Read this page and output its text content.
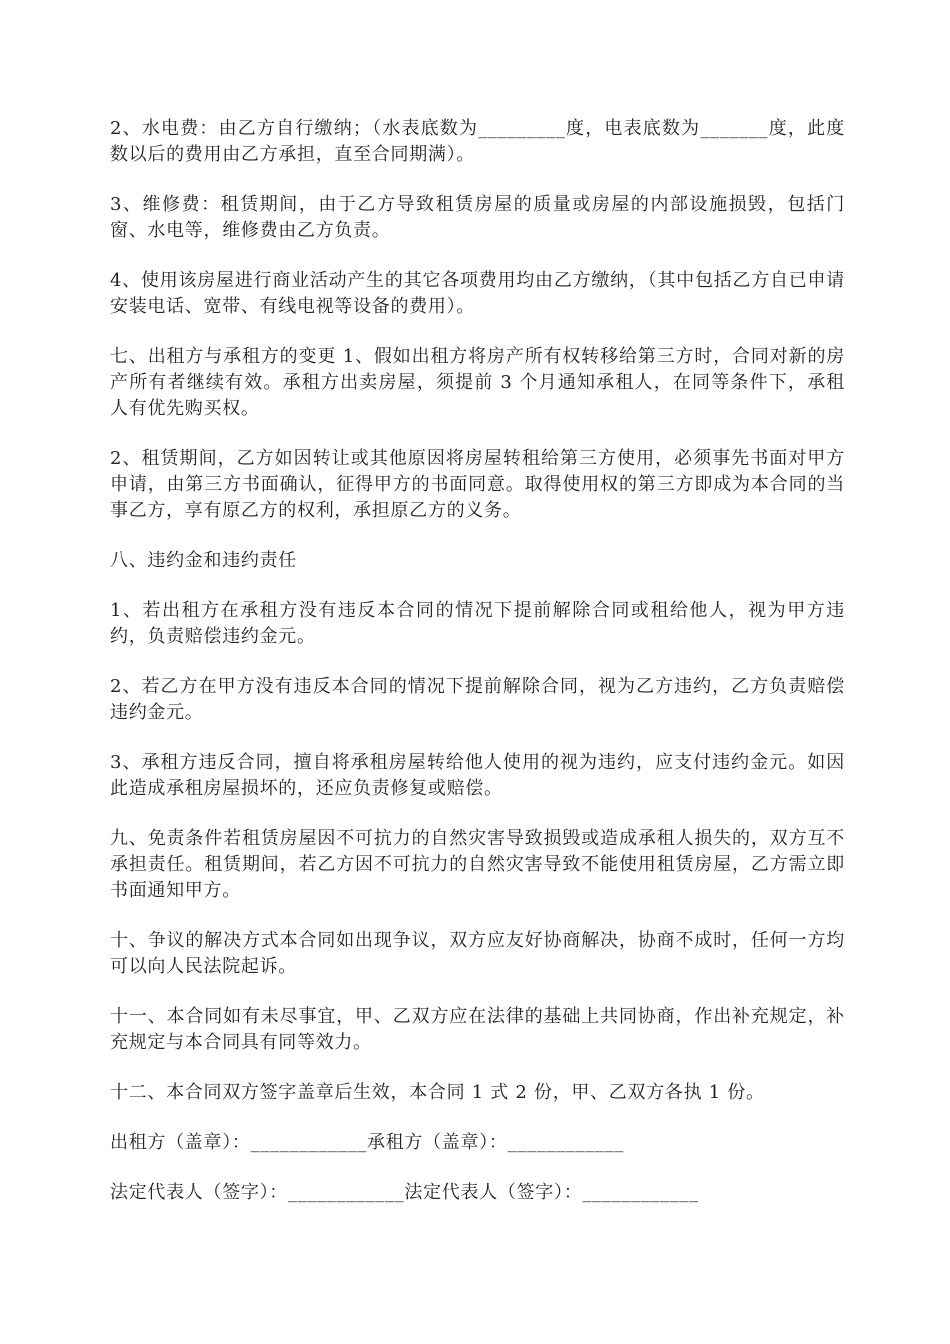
2、水电费：由乙方自行缴纳；（水表底数为_________度，电表底数为_______度，此度数以后的费用由乙方承担，直至合同期满）。

3、维修费：租赁期间，由于乙方导致租赁房屋的质量或房屋的内部设施损毁，包括门窗、水电等，维修费由乙方负责。

4、使用该房屋进行商业活动产生的其它各项费用均由乙方缴纳，（其中包括乙方自已申请安装电话、宽带、有线电视等设备的费用）。

七、出租方与承租方的变更 1、假如出租方将房产所有权转移给第三方时，合同对新的房产所有者继续有效。承租方出卖房屋，须提前 3 个月通知承租人，在同等条件下，承租人有优先购买权。

2、租赁期间，乙方如因转让或其他原因将房屋转租给第三方使用，必须事先书面对甲方申请，由第三方书面确认，征得甲方的书面同意。取得使用权的第三方即成为本合同的当事乙方，享有原乙方的权利，承担原乙方的义务。

八、违约金和违约责任

1、若出租方在承租方没有违反本合同的情况下提前解除合同或租给他人，视为甲方违约，负责赔偿违约金元。

2、若乙方在甲方没有违反本合同的情况下提前解除合同，视为乙方违约，乙方负责赔偿违约金元。

3、承租方违反合同，擅自将承租房屋转给他人使用的视为违约，应支付违约金元。如因此造成承租房屋损坏的，还应负责修复或赔偿。

九、免责条件若租赁房屋因不可抗力的自然灾害导致损毁或造成承租人损失的，双方互不承担责任。租赁期间，若乙方因不可抗力的自然灾害导致不能使用租赁房屋，乙方需立即书面通知甲方。

十、争议的解决方式本合同如出现争议，双方应友好协商解决，协商不成时，任何一方均可以向人民法院起诉。

十一、本合同如有未尽事宜，甲、乙双方应在法律的基础上共同协商，作出补充规定，补充规定与本合同具有同等效力。

十二、本合同双方签字盖章后生效，本合同 1 式 2 份，甲、乙双方各执 1 份。

出租方（盖章）：____________承租方（盖章）：____________

法定代表人（签字）：____________法定代表人（签字）：____________
